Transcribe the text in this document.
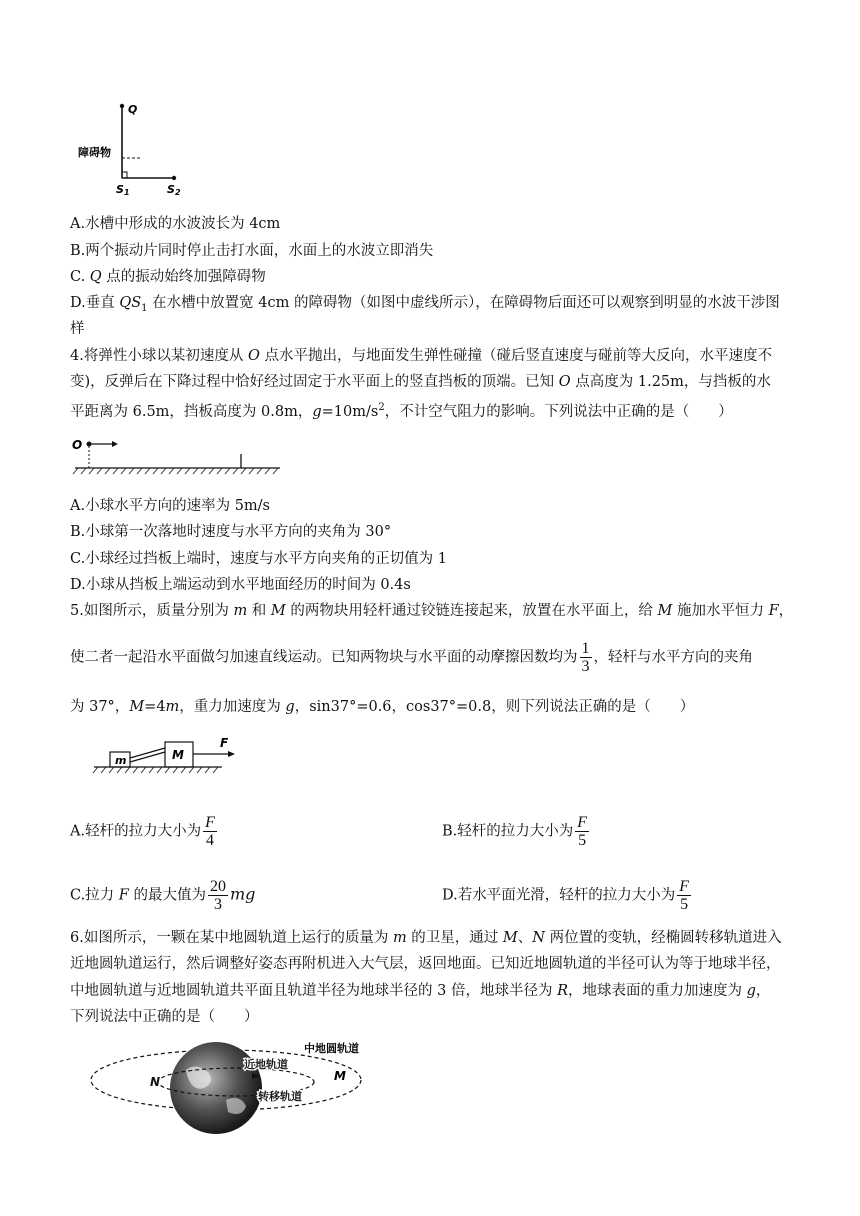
Q
障碍物
S1	S2
A.水槽中形成的水波波长为 4cm
B.两个振动片同时停止击打水面，水面上的水波立即消失
C. Q 点的振动始终加强障碍物
D.垂直 $QS_1$ 在水槽中放置宽 4cm 的障碍物（如图中虚线所示），在障碍物后面还可以观察到明显的水波干涉图
样
4.将弹性小球以某初速度从 O 点水平抛出，与地面发生弹性碰撞（碰后竖直速度与碰前等大反向，水平速度不
变)，反弹后在下降过程中恰好经过固定于水平面上的竖直挡板的顶端。已知 O 点高度为 1.25m，与挡板的水
平距离为 6.5m，挡板高度为 0.8m，$g=10m/s^2$，不计空气阻力的影响。下列说法中正确的是（　　）
O
A.小球水平方向的速率为 5m/s
B.小球第一次落地时速度与水平方向的夹角为 30°
C.小球经过挡板上端时，速度与水平方向夹角的正切值为 1
D.小球从挡板上端运动到水平地面经历的时间为 0.4s
5.如图所示，质量分别为 m 和 M 的两物块用轻杆通过铰链连接起来，放置在水平面上，给 M 施加水平恒力 F，
使二者一起沿水平面做匀加速直线运动。已知两物块与水平面的动摩擦因数均为 $\frac{1}{3}$ ，轻杆与水平方向的夹角
为 37°，M=4m，重力加速度为 g，sin37°=0.6，cos37°=0.8，则下列说法正确的是（　　）
m	M
F
A.轻杆的拉力大小为 $\frac{F}{4}$	B.轻杆的拉力大小为 $\frac{F}{5}$
C.拉力 F 的最大值为 $\frac{20}{3}$ mg	D.若水平面光滑，轻杆的拉力大小为 $\frac{F}{5}$
6.如图所示，一颗在某中地圆轨道上运行的质量为 m 的卫星，通过 M、N 两位置的变轨，经椭圆转移轨道进入
近地圆轨道运行，然后调整好姿态再附机进入大气层，返回地面。已知近地圆轨道的半径可认为等于地球半径，
中地圆轨道与近地圆轨道共平面且轨道半径为地球半径的 3 倍，地球半径为 R，地球表面的重力加速度为 g，
下列说法中正确的是（　　）
中地圆轨道
近地轨道
转移轨道
N	M
